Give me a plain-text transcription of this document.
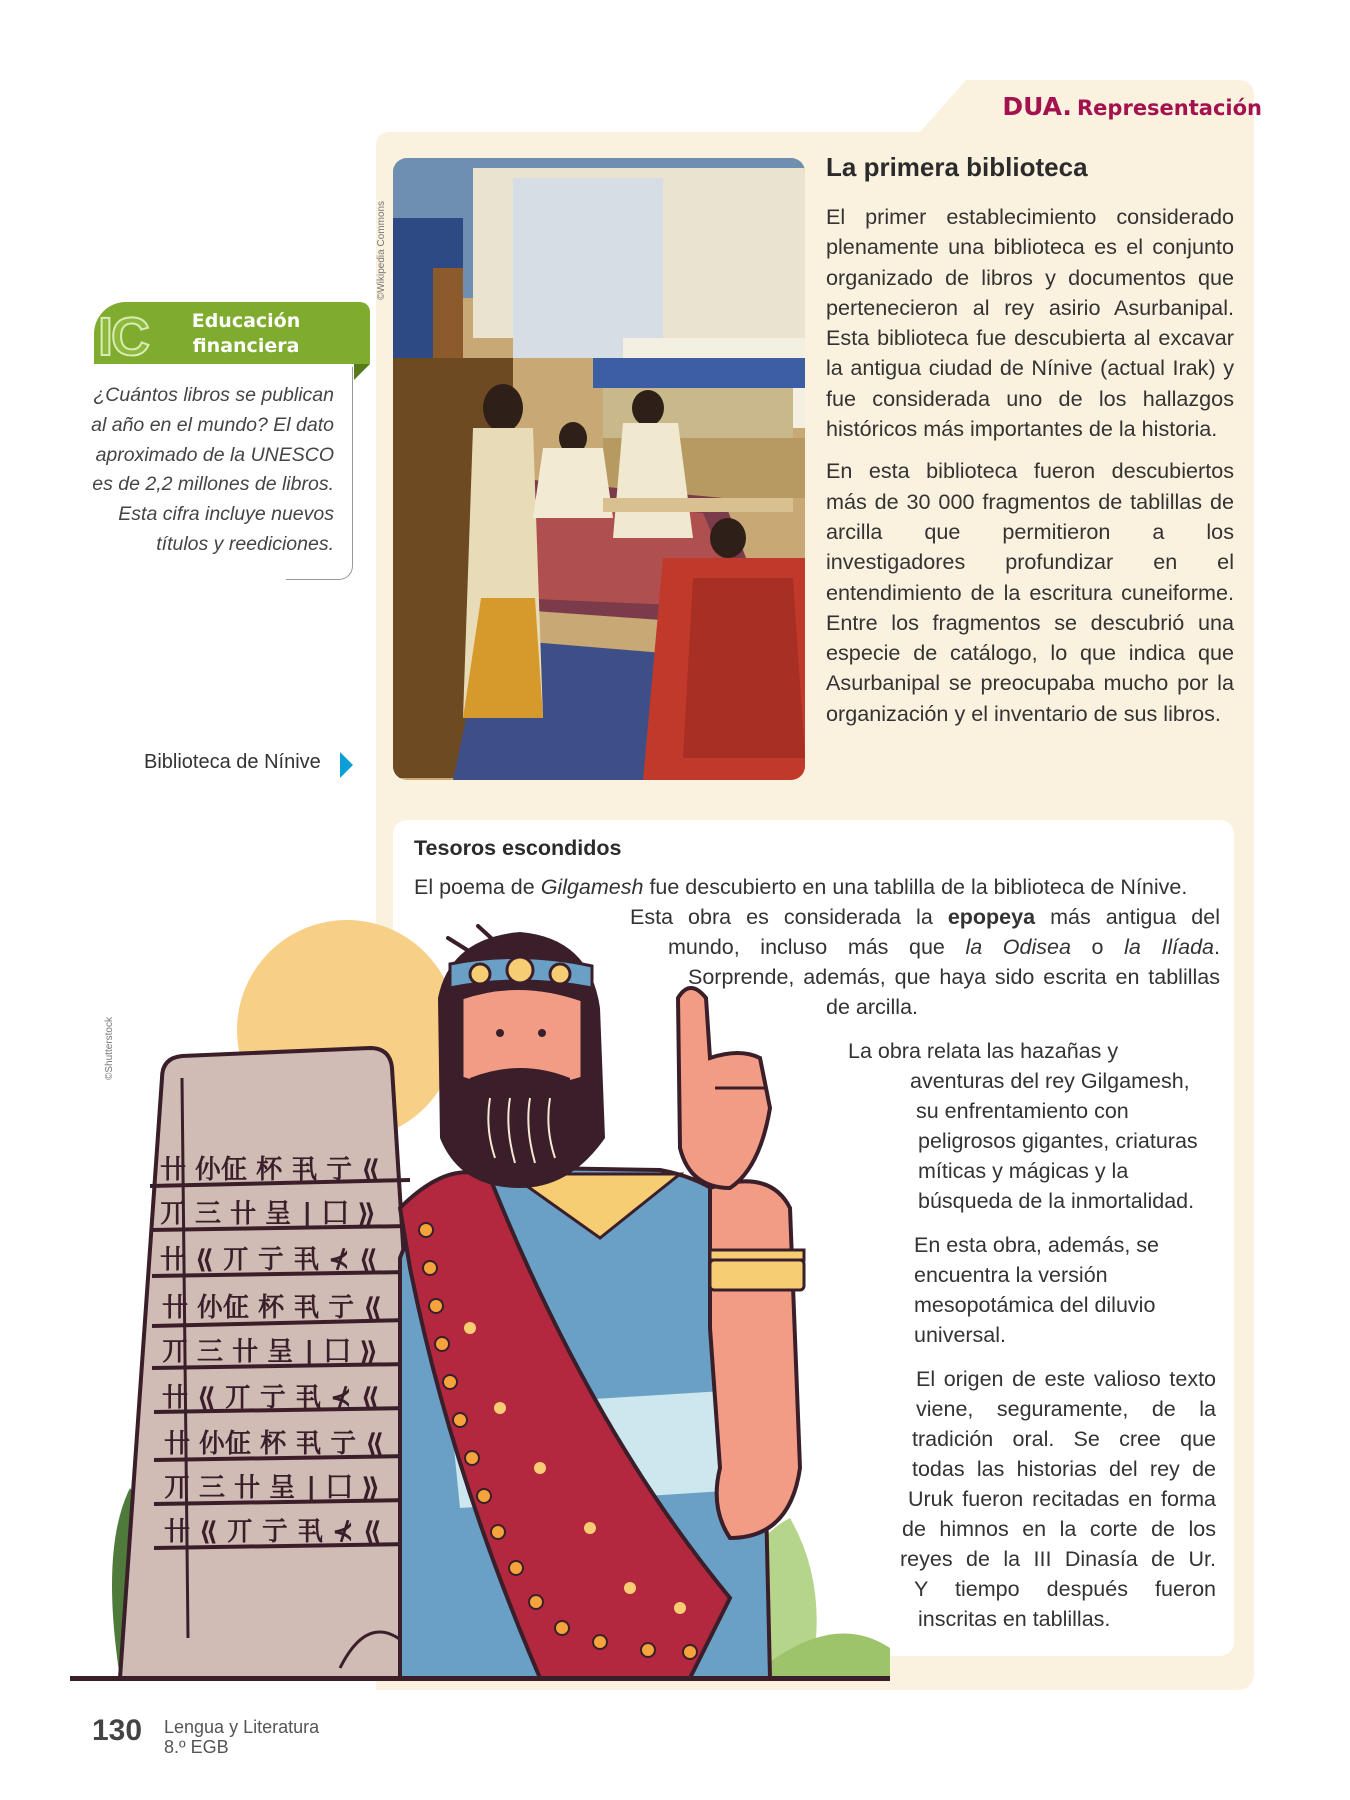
DUA. Representación
©Wikipedia Commons
La primera biblioteca

El primer establecimiento considerado plenamente una biblioteca es el conjunto organizado de libros y documentos que pertenecieron al rey asirio Asurbanipal. Esta biblioteca fue descubierta al excavar la antigua ciudad de Nínive (actual Irak) y fue considerada uno de los hallazgos históricos más importantes de la historia.

En esta biblioteca fueron descubiertos más de 30 000 fragmentos de tablillas de arcilla que permitieron a los investigadores profundizar en el entendimiento de la escritura cuneiforme. Entre los fragmentos se descubrió una especie de catálogo, lo que indica que Asurbanipal se preocupaba mucho por la organización y el inventario de sus libros.

IC	Educación
financiera
¿Cuántos libros se publican al año en el mundo? El dato aproximado de la UNESCO es de 2,2 millones de libros. Esta cifra incluye nuevos títulos y reediciones.
Biblioteca de Nínive
卄 仦佂 杯 丮 亍 ⟪
丌 三 卄 呈 ∣ 囗 ⟫
卄 ⟪ 丌 亍 丮 ⊀ ⟪
卄 仦佂 杯 丮 亍 ⟪
丌 三 卄 呈 ∣ 囗 ⟫
卄 ⟪ 丌 亍 丮 ⊀ ⟪
卄 仦佂 杯 丮 亍 ⟪
丌 三 卄 呈 ∣ 囗 ⟫
卄 ⟪ 丌 亍 丮 ⊀ ⟪
Tesoros escondidos
El poema de Gilgamesh fue descubierto en una tablilla de la biblioteca de Nínive.
Esta obra es considerada la epopeya más antigua del
mundo, incluso más que la Odisea o la Ilíada.
Sorprende, además, que haya sido escrita en tablillas
de arcilla.
La obra relata las hazañas y
aventuras del rey Gilgamesh,
su enfrentamiento con
peligrosos gigantes, criaturas
míticas y mágicas y la
búsqueda de la inmortalidad.
En esta obra, además, se
encuentra la versión
mesopotámica del diluvio
universal.
El origen de este valioso texto
viene, seguramente, de la
tradición oral. Se cree que
todas las historias del rey de
Uruk fueron recitadas en forma
de himnos en la corte de los
reyes de la III Dinasía de Ur.
Y tiempo después fueron
inscritas en tablillas.
©Shutterstock
130 Lengua y Literatura
8.º EGB
